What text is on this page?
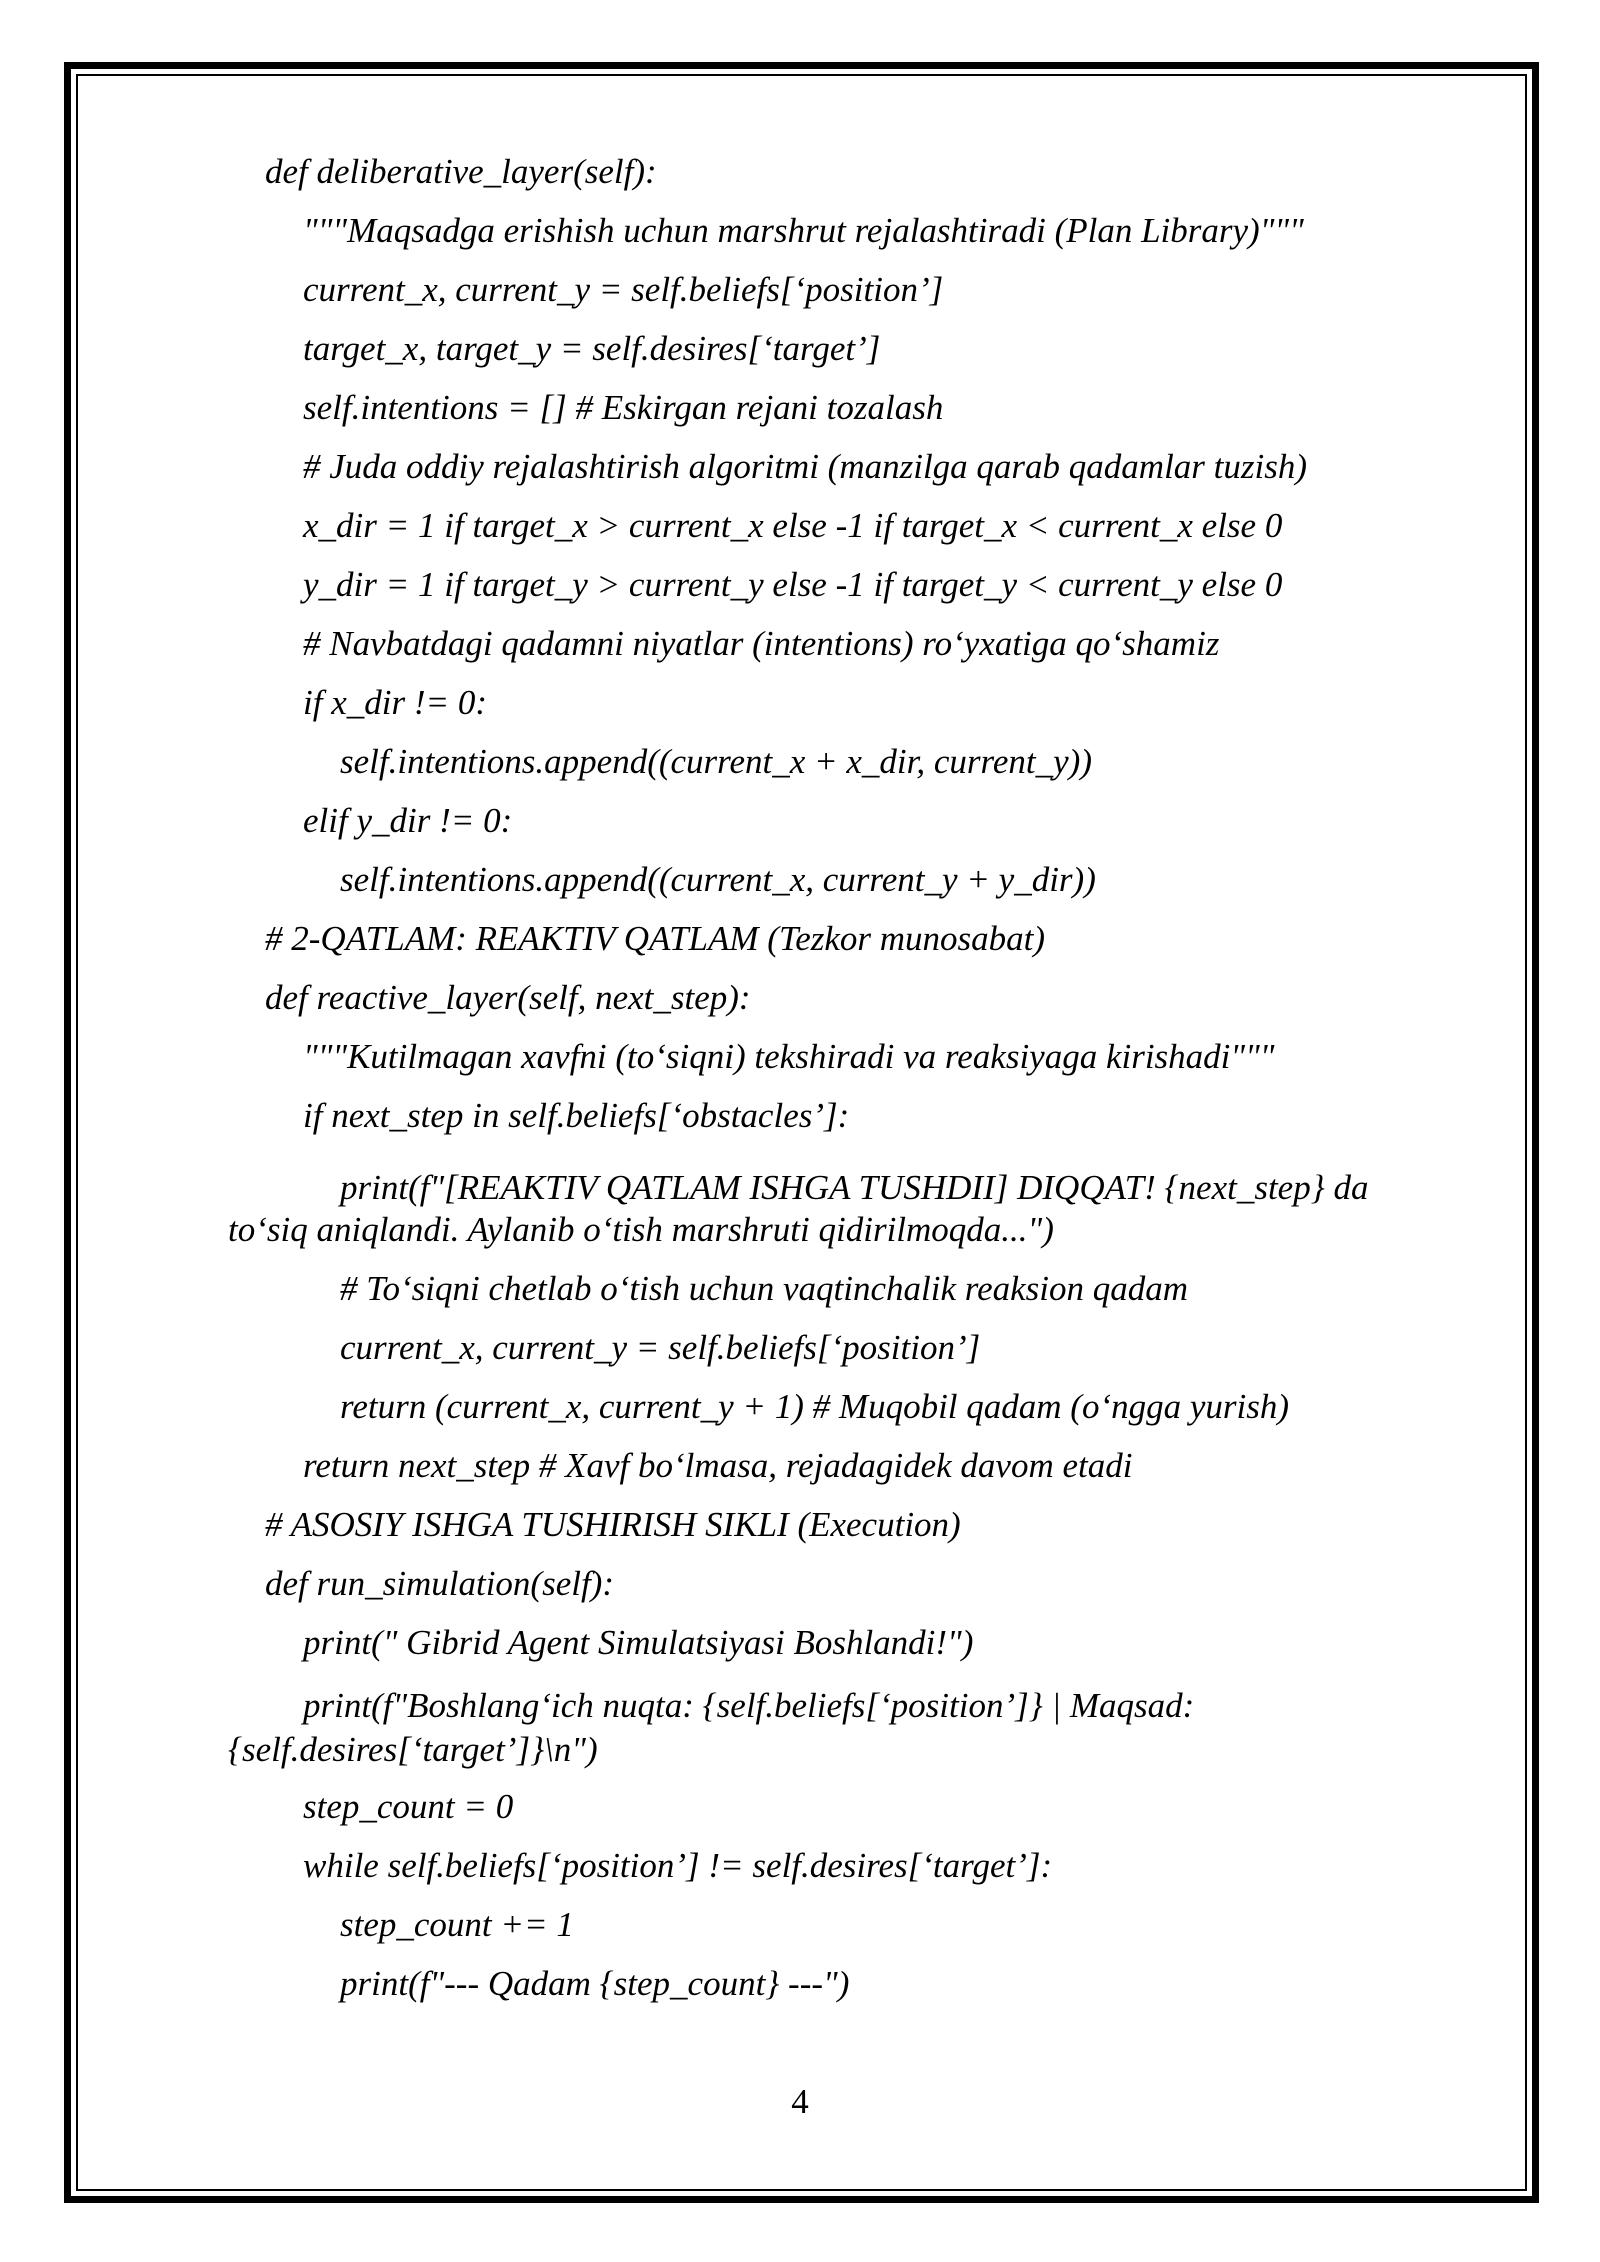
def deliberative_layer(self):

"""Maqsadga erishish uchun marshrut rejalashtiradi (Plan Library)"""

current_x, current_y = self.beliefs[‘position’]

target_x, target_y = self.desires[‘target’]

self.intentions = [] # Eskirgan rejani tozalash

# Juda oddiy rejalashtirish algoritmi (manzilga qarab qadamlar tuzish)

x_dir = 1 if target_x > current_x else -1 if target_x < current_x else 0

y_dir = 1 if target_y > current_y else -1 if target_y < current_y else 0

# Navbatdagi qadamni niyatlar (intentions) ro‘yxatiga qo‘shamiz

if x_dir != 0:

self.intentions.append((current_x + x_dir, current_y))

elif y_dir != 0:

self.intentions.append((current_x, current_y + y_dir))

# 2-QATLAM: REAKTIV QATLAM (Tezkor munosabat)

def reactive_layer(self, next_step):

"""Kutilmagan xavfni (to‘siqni) tekshiradi va reaksiyaga kirishadi"""

if next_step in self.beliefs[‘obstacles’]:

print(f"[REAKTIV QATLAM ISHGA TUSHDII] DIQQAT! {next_step} da

to‘siq aniqlandi. Aylanib o‘tish marshruti qidirilmoqda...")

# To‘siqni chetlab o‘tish uchun vaqtinchalik reaksion qadam

current_x, current_y = self.beliefs[‘position’]

return (current_x, current_y + 1) # Muqobil qadam (o‘ngga yurish)

return next_step # Xavf bo‘lmasa, rejadagidek davom etadi

# ASOSIY ISHGA TUSHIRISH SIKLI (Execution)

def run_simulation(self):

print(" Gibrid Agent Simulatsiyasi Boshlandi!")

print(f"Boshlang‘ich nuqta: {self.beliefs[‘position’]} | Maqsad:

{self.desires[‘target’]}\n")

step_count = 0

while self.beliefs[‘position’] != self.desires[‘target’]:

step_count += 1

print(f"--- Qadam {step_count} ---")

4
